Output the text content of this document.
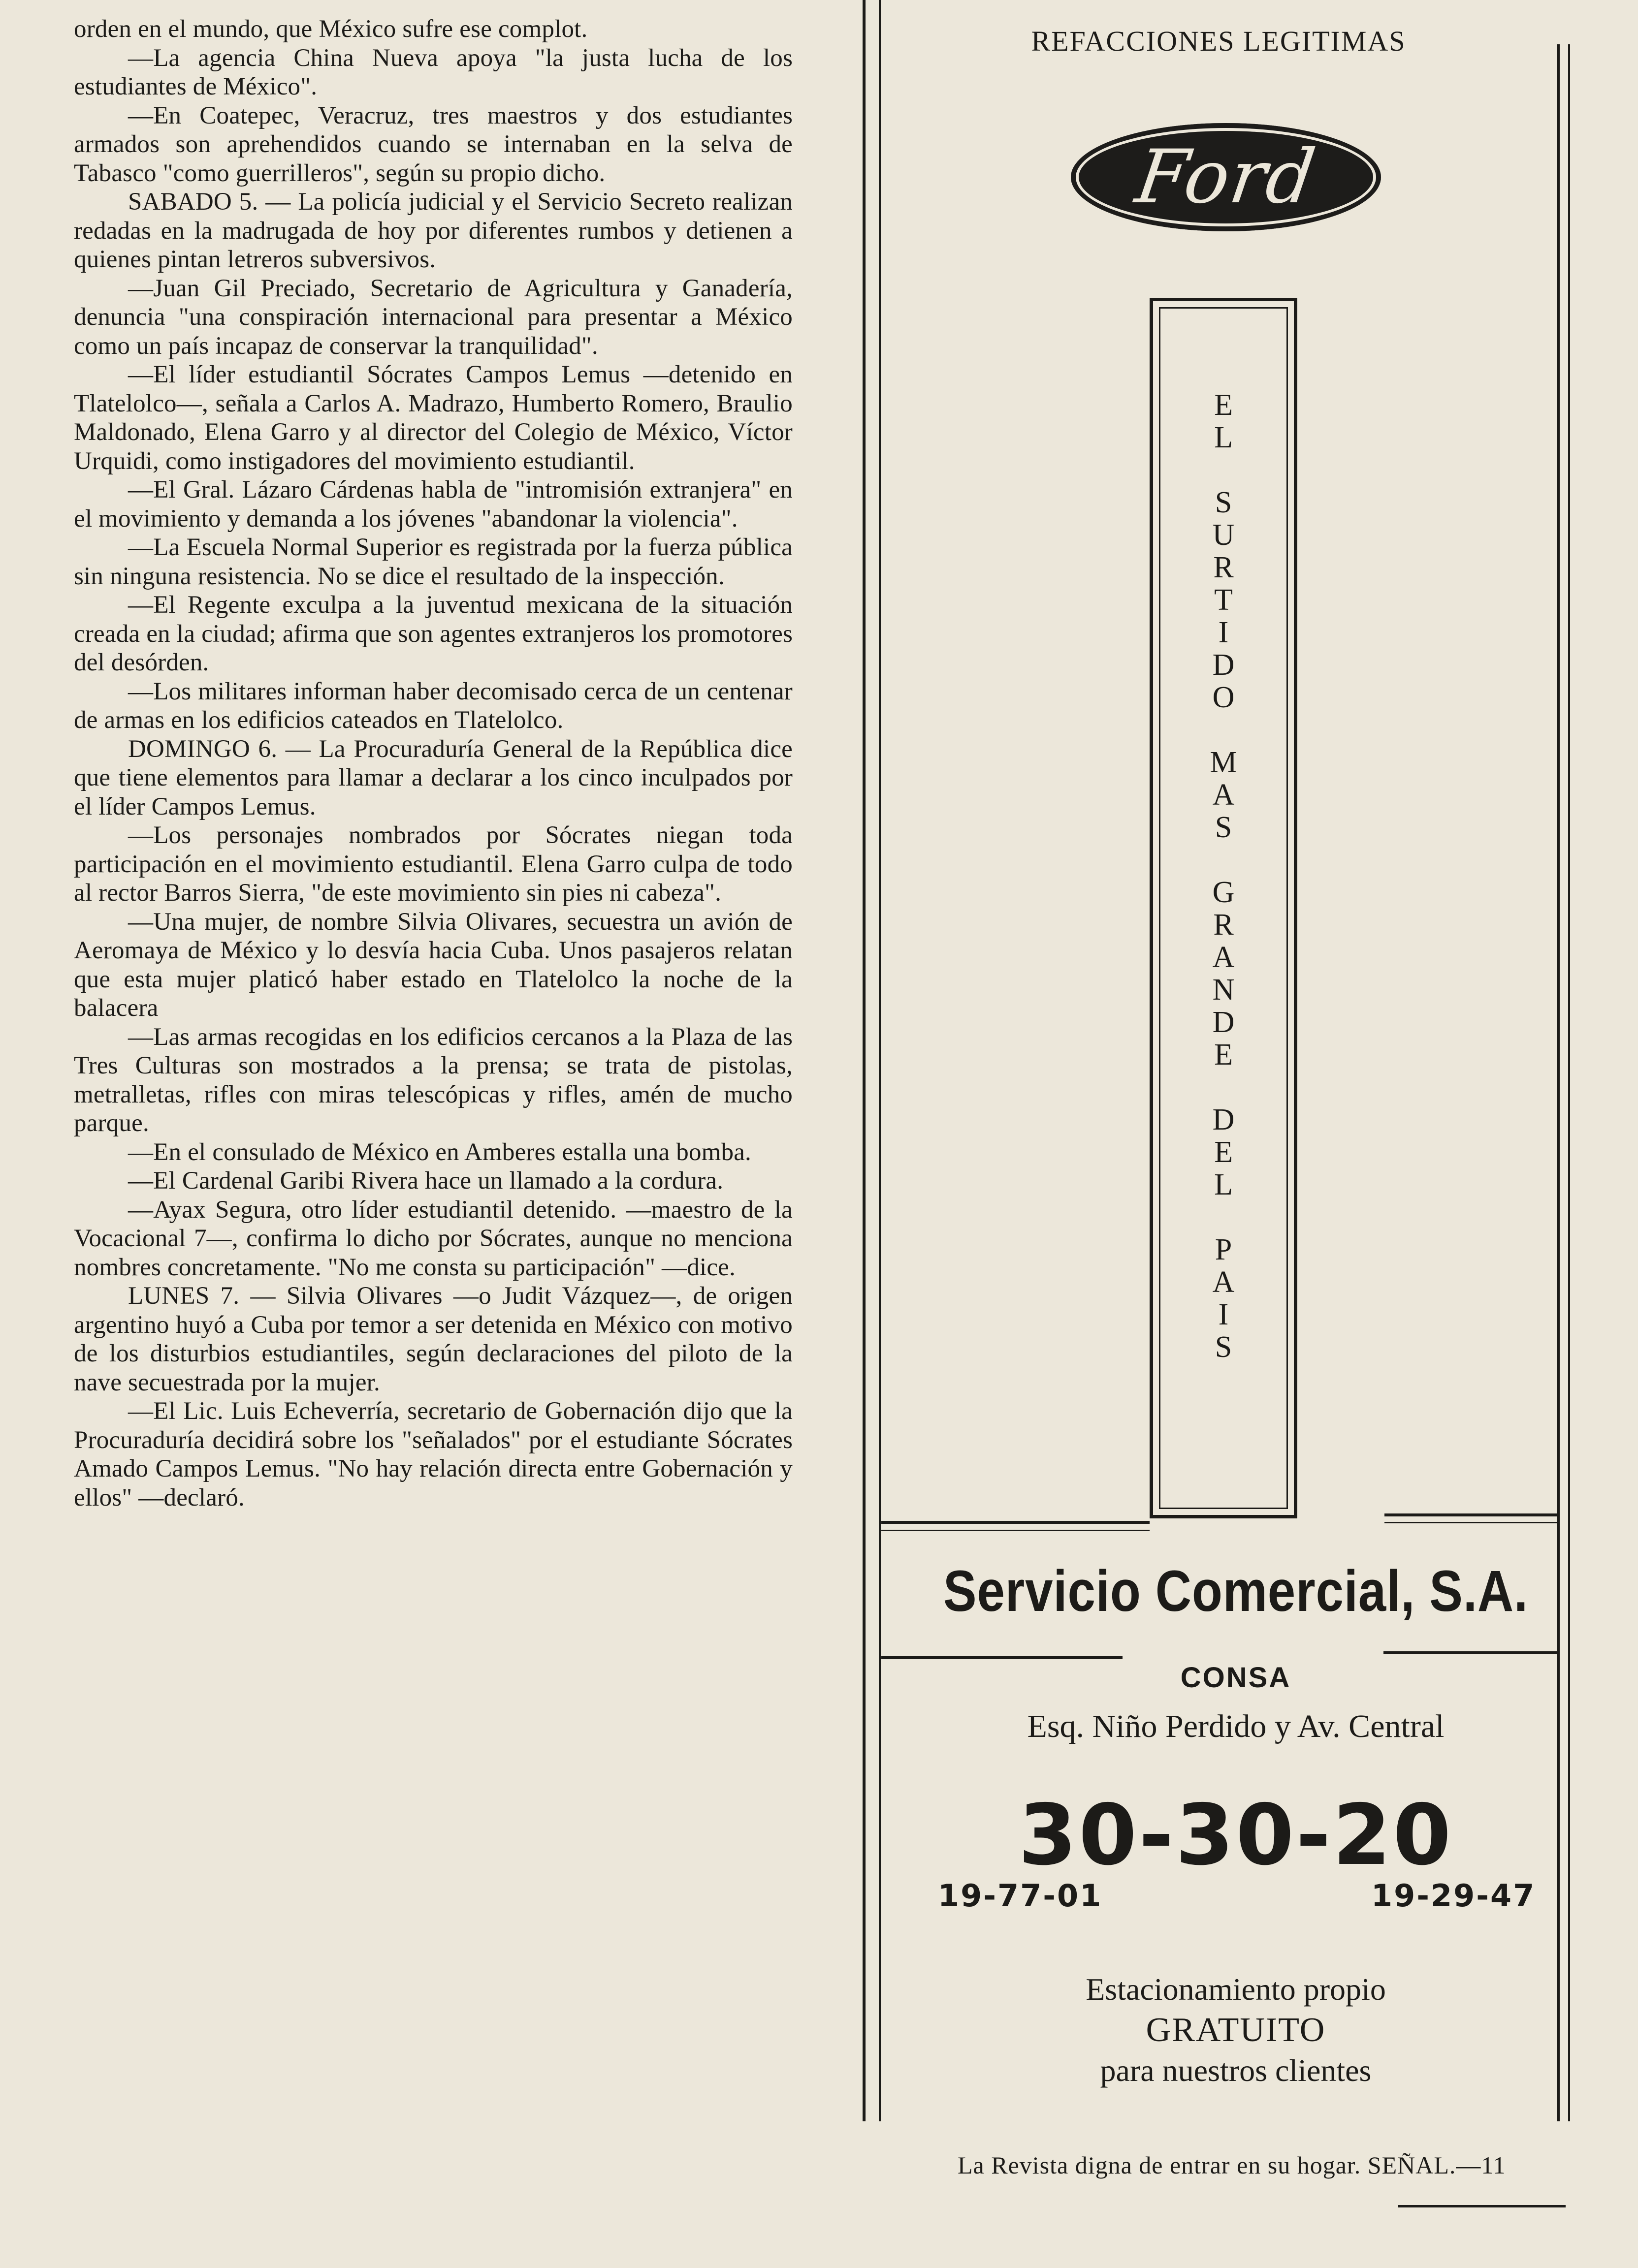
orden en el mundo, que México sufre ese complot.

—La agencia China Nueva apoya "la justa lucha de los estudiantes de México".

—En Coatepec, Veracruz, tres maestros y dos estudiantes armados son aprehendidos cuando se internaban en la selva de Tabasco "como guerrilleros", según su propio dicho.

SABADO 5. — La policía judicial y el Servicio Secreto realizan redadas en la madrugada de hoy por diferentes rumbos y detienen a quienes pintan letreros subversivos.

—Juan Gil Preciado, Secretario de Agricultura y Ganadería, denuncia "una conspiración internacional para presentar a México como un país incapaz de conservar la tranquilidad".

—El líder estudiantil Sócrates Campos Lemus —detenido en Tlatelolco—, señala a Carlos A. Madrazo, Humberto Romero, Braulio Maldonado, Elena Garro y al director del Colegio de México, Víctor Urquidi, como instigadores del movimiento estudiantil.

—El Gral. Lázaro Cárdenas habla de "intromisión extranjera" en el movimiento y demanda a los jóvenes "abandonar la violencia".

—La Escuela Normal Superior es registrada por la fuerza pública sin ninguna resistencia. No se dice el resultado de la inspección.

—El Regente exculpa a la juventud mexicana de la situación creada en la ciudad; afirma que son agentes extranjeros los promotores del desórden.

—Los militares informan haber decomisado cerca de un centenar de armas en los edificios cateados en Tlatelolco.

DOMINGO 6. — La Procuraduría General de la República dice que tiene elementos para llamar a declarar a los cinco inculpados por el líder Campos Lemus.

—Los personajes nombrados por Sócrates niegan toda participación en el movimiento estudiantil. Elena Garro culpa de todo al rector Barros Sierra, "de este movimiento sin pies ni cabeza".

—Una mujer, de nombre Silvia Olivares, secuestra un avión de Aeromaya de México y lo desvía hacia Cuba. Unos pasajeros relatan que esta mujer platicó haber estado en Tlatelolco la noche de la balacera

—Las armas recogidas en los edificios cercanos a la Plaza de las Tres Culturas son mostrados a la prensa; se trata de pistolas, metralletas, rifles con miras telescópicas y rifles, amén de mucho parque.

—En el consulado de México en Amberes estalla una bomba.

—El Cardenal Garibi Rivera hace un llamado a la cordura.

—Ayax Segura, otro líder estudiantil detenido. —maestro de la Vocacional 7—, confirma lo dicho por Sócrates, aunque no menciona nombres concretamente. "No me consta su participación" —dice.

LUNES 7. — Silvia Olivares —o Judit Vázquez—, de origen argentino huyó a Cuba por temor a ser detenida en México con motivo de los disturbios estudiantiles, según declaraciones del piloto de la nave secuestrada por la mujer.

—El Lic. Luis Echeverría, secretario de Gobernación dijo que la Procuraduría decidirá sobre los "señalados" por el estudiante Sócrates Amado Campos Lemus. "No hay relación directa entre Gobernación y ellos" —declaró.

REFACCIONES LEGITIMAS
Ford
E
L
S
U
R
T
I
D
O
M
A
S
G
R
A
N
D
E
D
E
L
P
A
I
S
Servicio Comercial, S.A.
CONSA
Esq. Niño Perdido y Av. Central
30-30-20
19-77-01	19-29-47
Estacionamiento propio
GRATUITO
para nuestros clientes
La Revista digna de entrar en su hogar. SEÑAL.—11
